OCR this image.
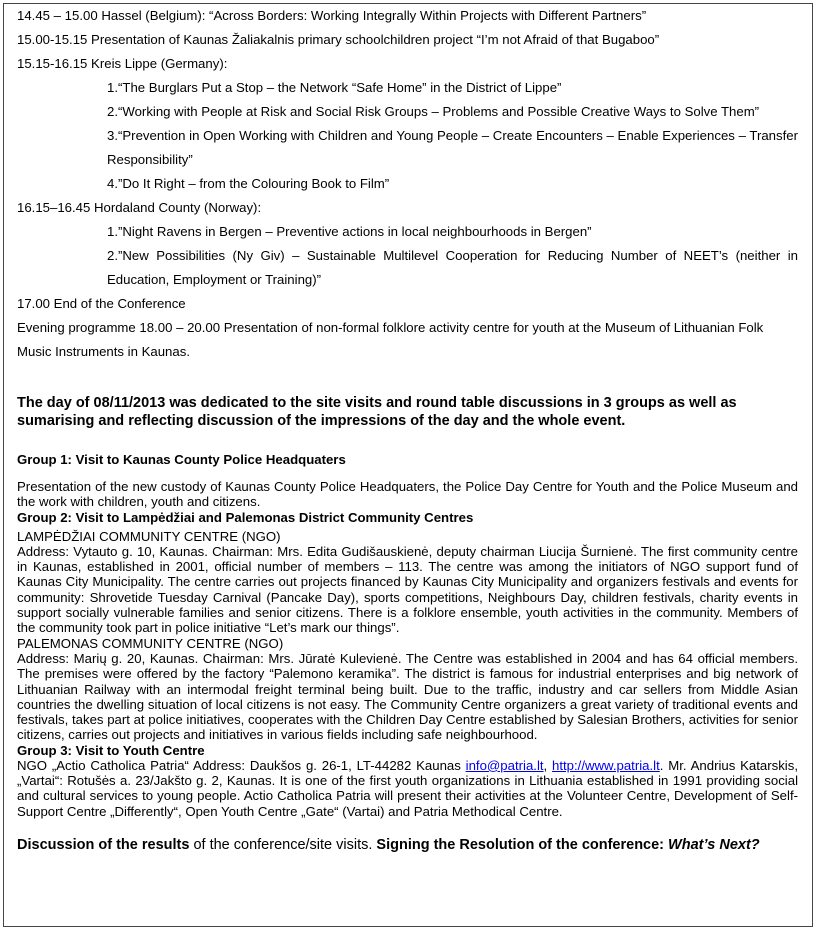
14.45 – 15.00 Hassel (Belgium): “Across Borders: Working Integrally Within Projects with Different Partners”

15.00-15.15 Presentation of Kaunas Žaliakalnis primary schoolchildren project “I’m not Afraid of that Bugaboo”

15.15-16.15 Kreis Lippe (Germany):

1.“The Burglars Put a Stop – the Network “Safe Home” in the District of Lippe”

2.“Working with People at Risk and Social Risk Groups – Problems and Possible Creative Ways to Solve Them”

3.“Prevention in Open Working with Children and Young People – Create Encounters – Enable Experiences – Transfer Responsibility”

4.”Do It Right – from the Colouring Book to Film”

16.15–16.45 Hordaland County (Norway):

1.”Night Ravens in Bergen – Preventive actions in local neighbourhoods in Bergen”

2.”New Possibilities (Ny Giv) – Sustainable Multilevel Cooperation for Reducing Number of NEET’s (neither in Education, Employment or Training)”

17.00 End of the Conference

Evening programme 18.00 – 20.00 Presentation of non-formal folklore activity centre for youth at the Museum of Lithuanian Folk Music Instruments in Kaunas.

The day of 08/11/2013 was dedicated to the site visits and round table discussions in 3 groups as well as sumarising and reflecting discussion of the impressions of the day and the whole event.

Group 1: Visit to Kaunas County Police Headquaters

Presentation of the new custody of Kaunas County Police Headquaters, the Police Day Centre for Youth and the Police Museum and the work with children, youth and citizens.

Group 2: Visit to Lampėdžiai and Palemonas District Community Centres

LAMPĖDŽIAI COMMUNITY CENTRE (NGO)

Address: Vytauto g. 10, Kaunas. Chairman: Mrs. Edita Gudišauskienė, deputy chairman Liucija Šurnienė. The first community centre in Kaunas, established in 2001, official number of members – 113. The centre was among the initiators of NGO support fund of Kaunas City Municipality. The centre carries out projects financed by Kaunas City Municipality and organizers festivals and events for community: Shrovetide Tuesday Carnival (Pancake Day), sports competitions, Neighbours Day, children festivals, charity events in support socially vulnerable families and senior citizens. There is a folklore ensemble, youth activities in the community. Members of the community took part in police initiative “Let’s mark our things”.

PALEMONAS COMMUNITY CENTRE (NGO)

Address: Marių g. 20, Kaunas. Chairman: Mrs. Jūratė Kulevienė. The Centre was established in 2004 and has 64 official members. The premises were offered by the factory “Palemono keramika”. The district is famous for industrial enterprises and big network of Lithuanian Railway with an intermodal freight terminal being built. Due to the traffic, industry and car sellers from Middle Asian countries the dwelling situation of local citizens is not easy. The Community Centre organizers a great variety of traditional events and festivals, takes part at police initiatives, cooperates with the Children Day Centre established by Salesian Brothers, activities for senior citizens, carries out projects and initiatives in various fields including safe neighbourhood.

Group 3: Visit to Youth Centre

NGO „Actio Catholica Patria“ Address: Daukšos g. 26-1, LT-44282 Kaunas info@patria.lt, http://www.patria.lt. Mr. Andrius Katarskis, „Vartai“: Rotušės a. 23/Jakšto g. 2, Kaunas. It is one of the first youth organizations in Lithuania established in 1991 providing social and cultural services to young people. Actio Catholica Patria will present their activities at the Volunteer Centre, Development of Self-Support Centre „Differently“, Open Youth Centre „Gate“ (Vartai) and Patria Methodical Centre.

Discussion of the results of the conference/site visits. Signing the Resolution of the conference: What’s Next?
